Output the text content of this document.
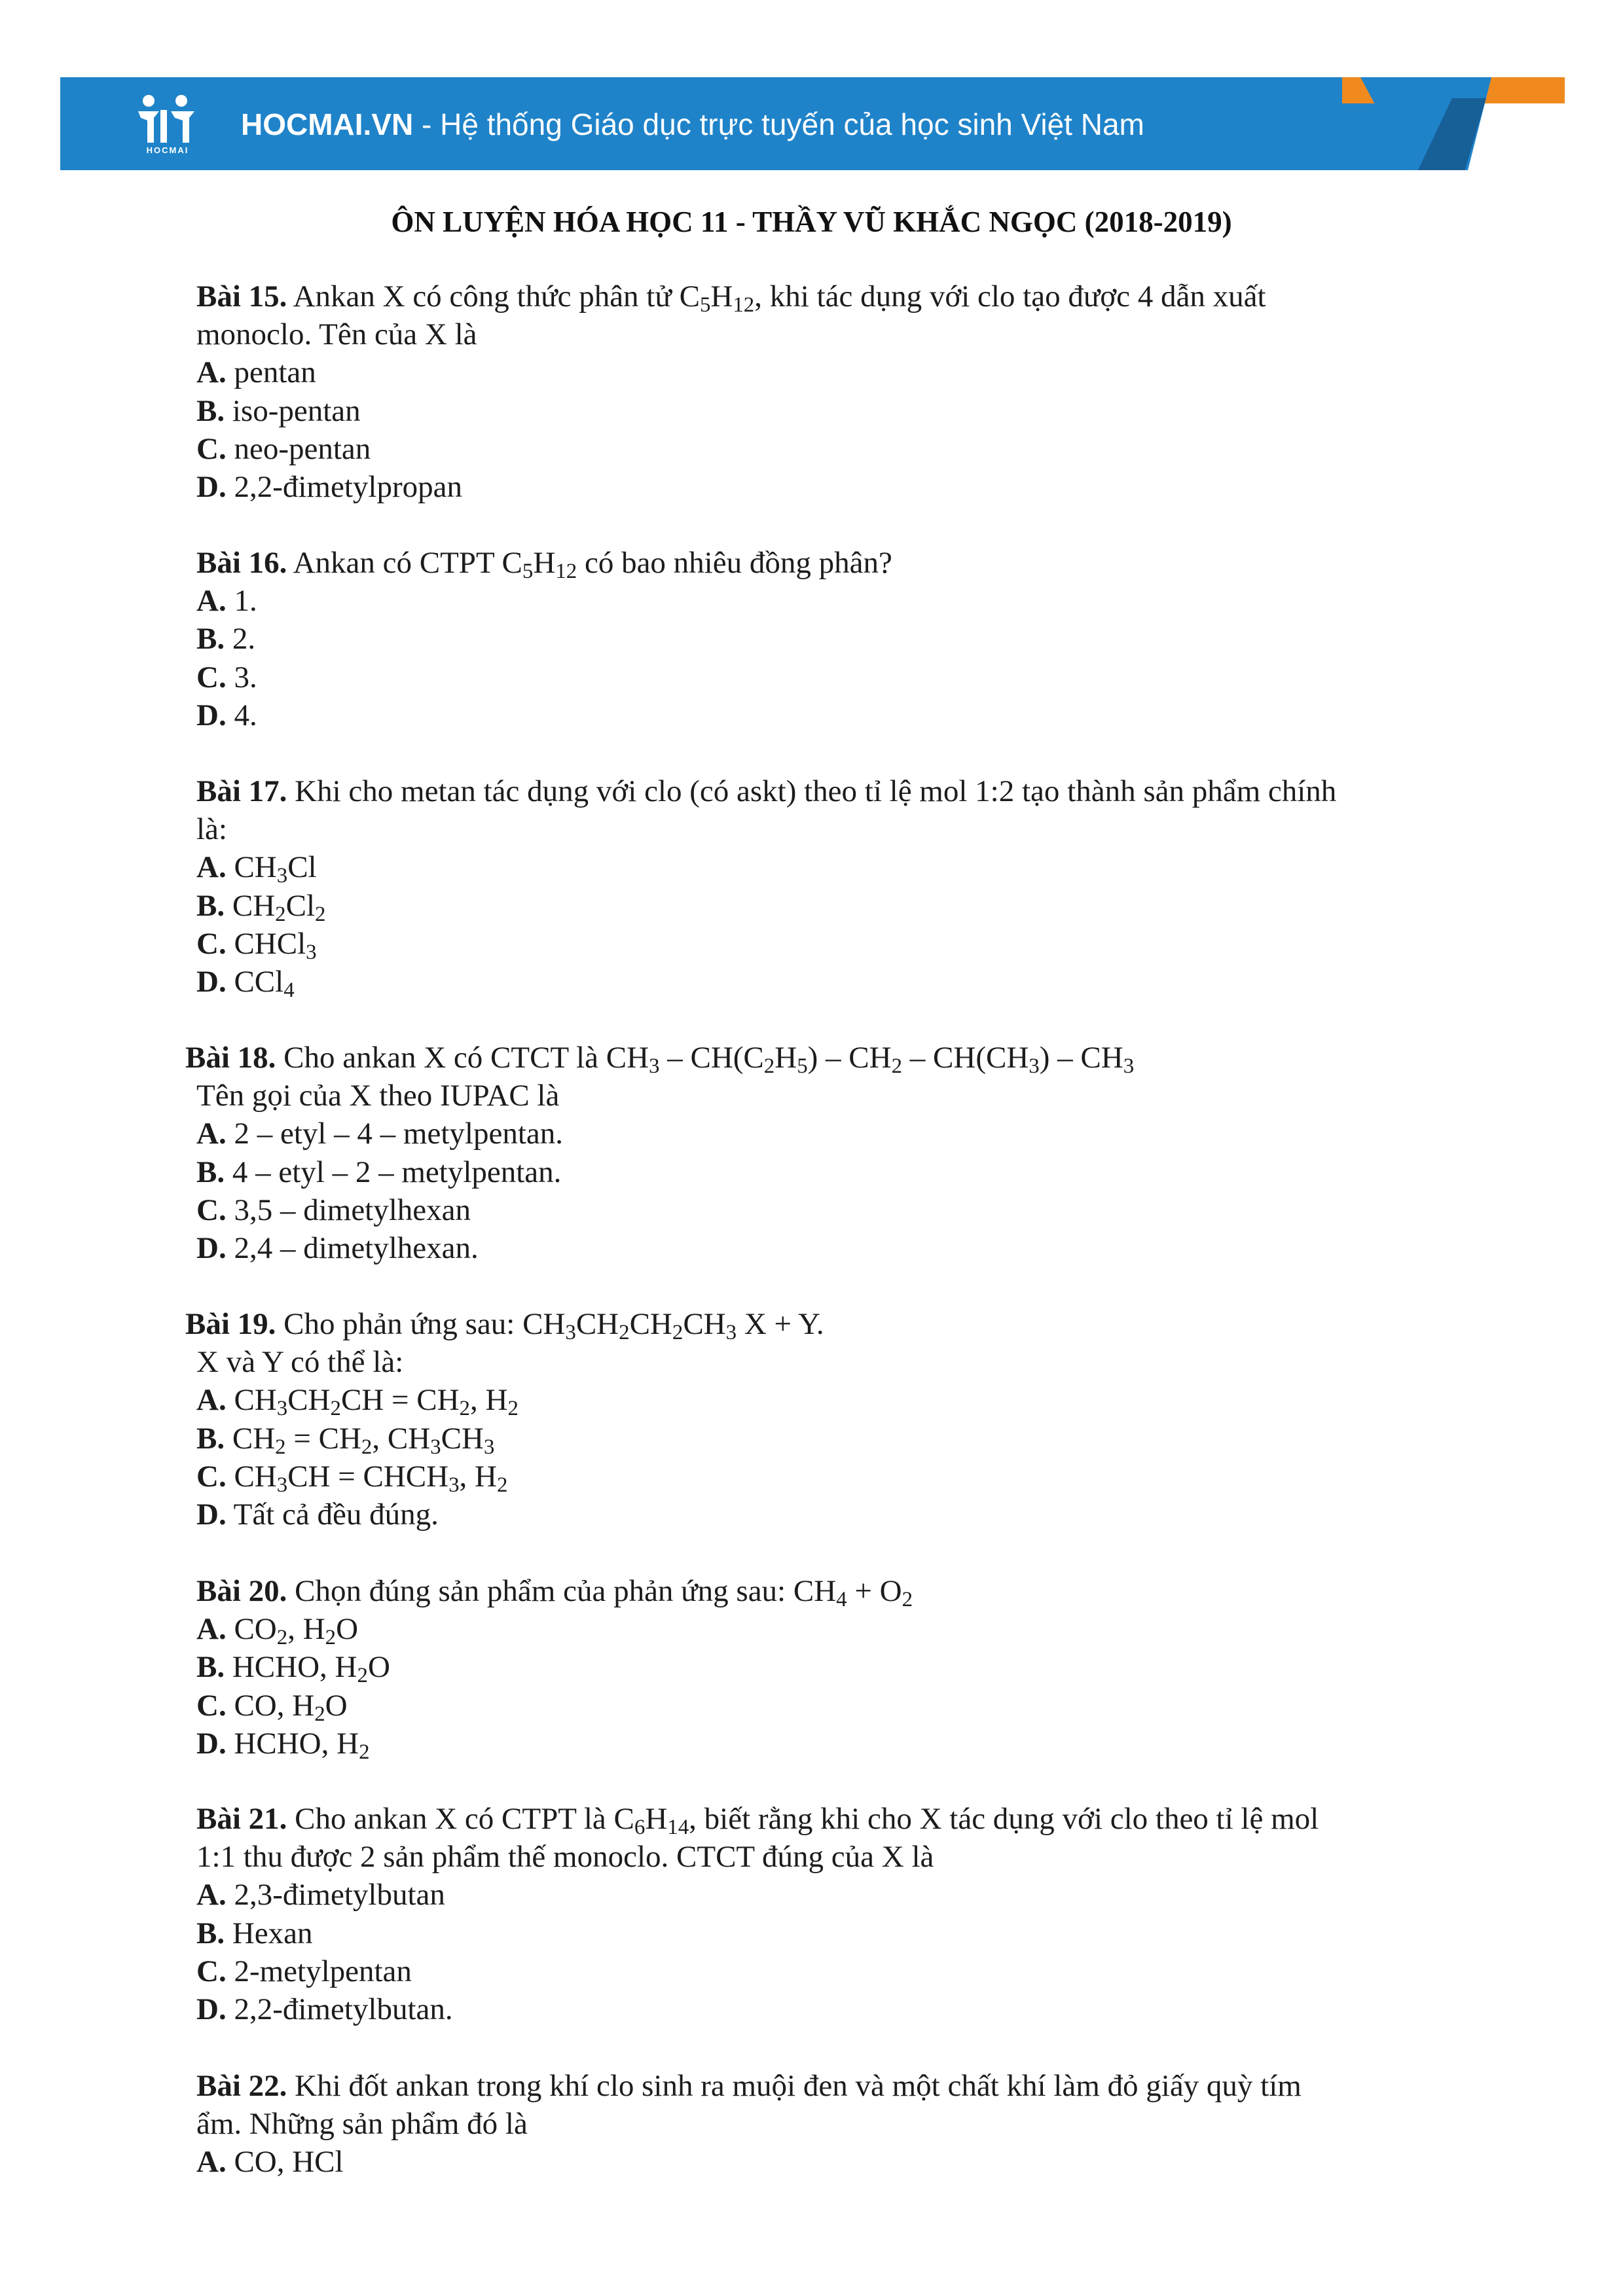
HOCMAI
HOCMAI.VN - Hệ thống Giáo dục trực tuyến của học sinh Việt Nam
ÔN LUYỆN HÓA HỌC 11 - THẦY VŨ KHẮC NGỌC (2018-2019)
Bài 15. Ankan X có công thức phân tử $C_5H_{12}$, khi tác dụng với clo tạo được 4 dẫn xuất
monoclo. Tên của X là
A. pentan
B. iso-pentan
C. neo-pentan
D. 2,2-đimetylpropan
Bài 16. Ankan có CTPT $C_5H_{12}$ có bao nhiêu đồng phân?
A. 1.
B. 2.
C. 3.
D. 4.
Bài 17. Khi cho metan tác dụng với clo (có askt) theo tỉ lệ mol 1:2 tạo thành sản phẩm chính
là:
A. $CH_3Cl$
B. $CH_2Cl_2$
C. CHCl$_3$
D. CCl$_4$
Bài 18. Cho ankan X có CTCT là $CH_3 - CH(C_2H_5) - CH_2 - CH(CH_3) - CH_3$
Tên gọi của X theo IUPAC là
A. 2 – etyl – 4 – metylpentan.
B. 4 – etyl – 2 – metylpentan.
C. 3,5 – dimetylhexan
D. 2,4 – dimetylhexan.
Bài 19. Cho phản ứng sau: $CH_3CH_2CH_2CH_3$ X + Y.
X và Y có thể là:
A. $CH_3CH_2CH = CH_2$, $H_2$
B. $CH_2 = CH_2$, $CH_3CH_3$
C. $CH_3CH$ = $CHCH_3$, $H_2$
D. Tất cả đều đúng.
Bài 20. Chọn đúng sản phẩm của phản ứng sau: $CH_4 + O_2$
A. $CO_2$, $H_2O$
B. HCHO, $H_2O$
C. CO, $H_2O$
D. HCHO, $H_2$
Bài 21. Cho ankan X có CTPT là $C_6H_{14}$, biết rằng khi cho X tác dụng với clo theo tỉ lệ mol
1:1 thu được 2 sản phẩm thế monoclo. CTCT đúng của X là
A. 2,3-đimetylbutan
B. Hexan
C. 2-metylpentan
D. 2,2-đimetylbutan.
Bài 22. Khi đốt ankan trong khí clo sinh ra muội đen và một chất khí làm đỏ giấy quỳ tím
ẩm. Những sản phẩm đó là
A. CO, HCl
